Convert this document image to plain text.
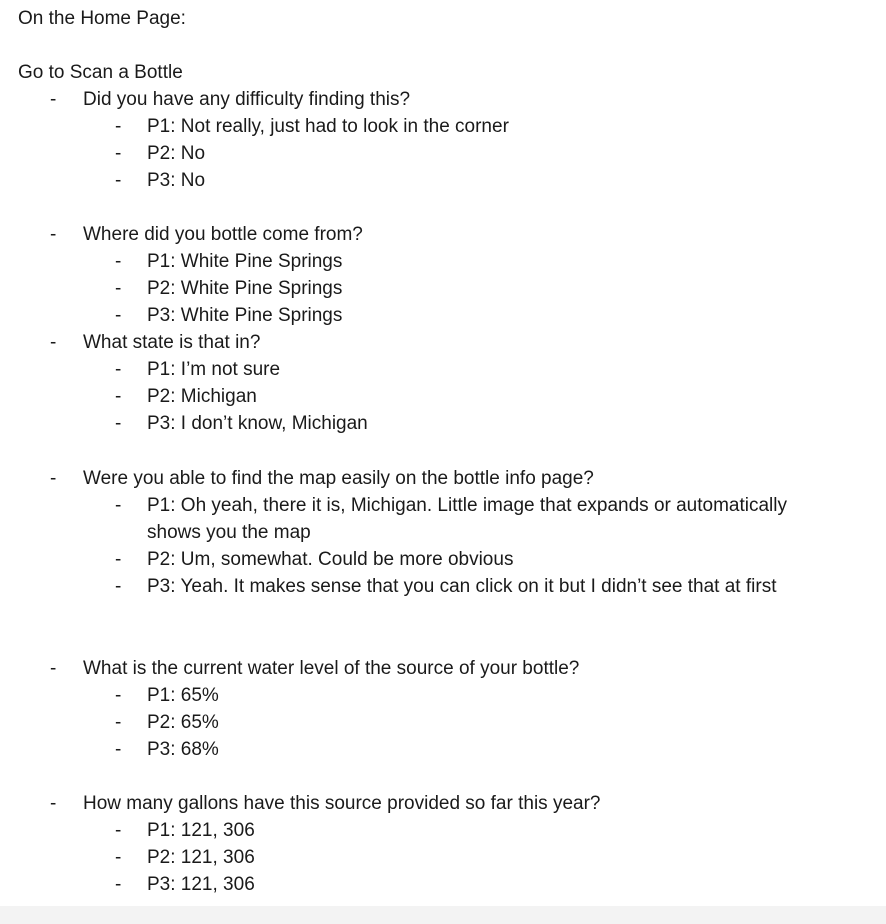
On the Home Page:
Go to Scan a Bottle
- Did you have any difficulty finding this?
- P1: Not really, just had to look in the corner
- P2: No
- P3: No
- Where did you bottle come from?
- P1: White Pine Springs
- P2: White Pine Springs
- P3: White Pine Springs
- What state is that in?
- P1: I’m not sure
- P2: Michigan
- P3: I don’t know, Michigan
- Were you able to find the map easily on the bottle info page?
- P1: Oh yeah, there it is, Michigan. Little image that expands or automatically
shows you the map
- P2: Um, somewhat. Could be more obvious
- P3: Yeah. It makes sense that you can click on it but I didn’t see that at first
- What is the current water level of the source of your bottle?
- P1: 65%
- P2: 65%
- P3: 68%
- How many gallons have this source provided so far this year?
- P1: 121, 306
- P2: 121, 306
- P3: 121, 306
